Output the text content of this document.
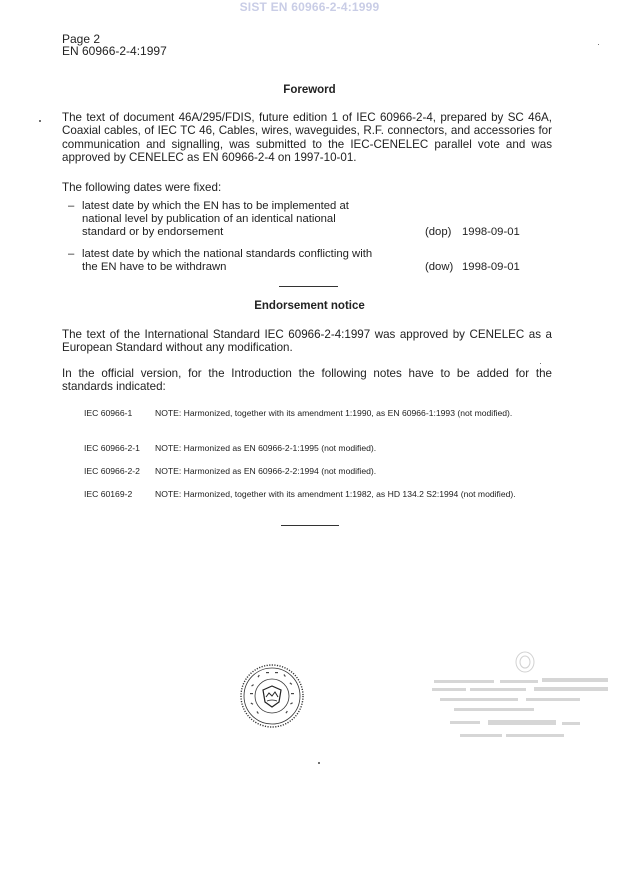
SIST EN 60966-2-4:1999
Page 2
EN 60966-2-4:1997
Foreword
The text of document 46A/295/FDIS, future edition 1 of IEC 60966-2-4, prepared by SC 46A, Coaxial cables, of IEC TC 46, Cables, wires, waveguides, R.F. connectors, and accessories for communication and signalling, was submitted to the IEC-CENELEC parallel vote and was approved by CENELEC as EN 60966-2-4 on 1997-10-01.
The following dates were fixed:
– latest date by which the EN has to be implemented at national level by publication of an identical national standard or by endorsement	(dop) 1998-09-01
– latest date by which the national standards conflicting with the EN have to be withdrawn	(dow) 1998-09-01
Endorsement notice
The text of the International Standard IEC 60966-2-4:1997 was approved by CENELEC as a European Standard without any modification.
In the official version, for the Introduction the following notes have to be added for the standards indicated:
IEC 60966-1	NOTE: Harmonized, together with its amendment 1:1990, as EN 60966-1:1993 (not modified).
IEC 60966-2-1 NOTE: Harmonized as EN 60966-2-1:1995 (not modified).
IEC 60966-2-2 NOTE: Harmonized as EN 60966-2-2:1994 (not modified).
IEC 60169-2	NOTE: Harmonized, together with its amendment 1:1982, as HD 134.2 S2:1994 (not modified).
